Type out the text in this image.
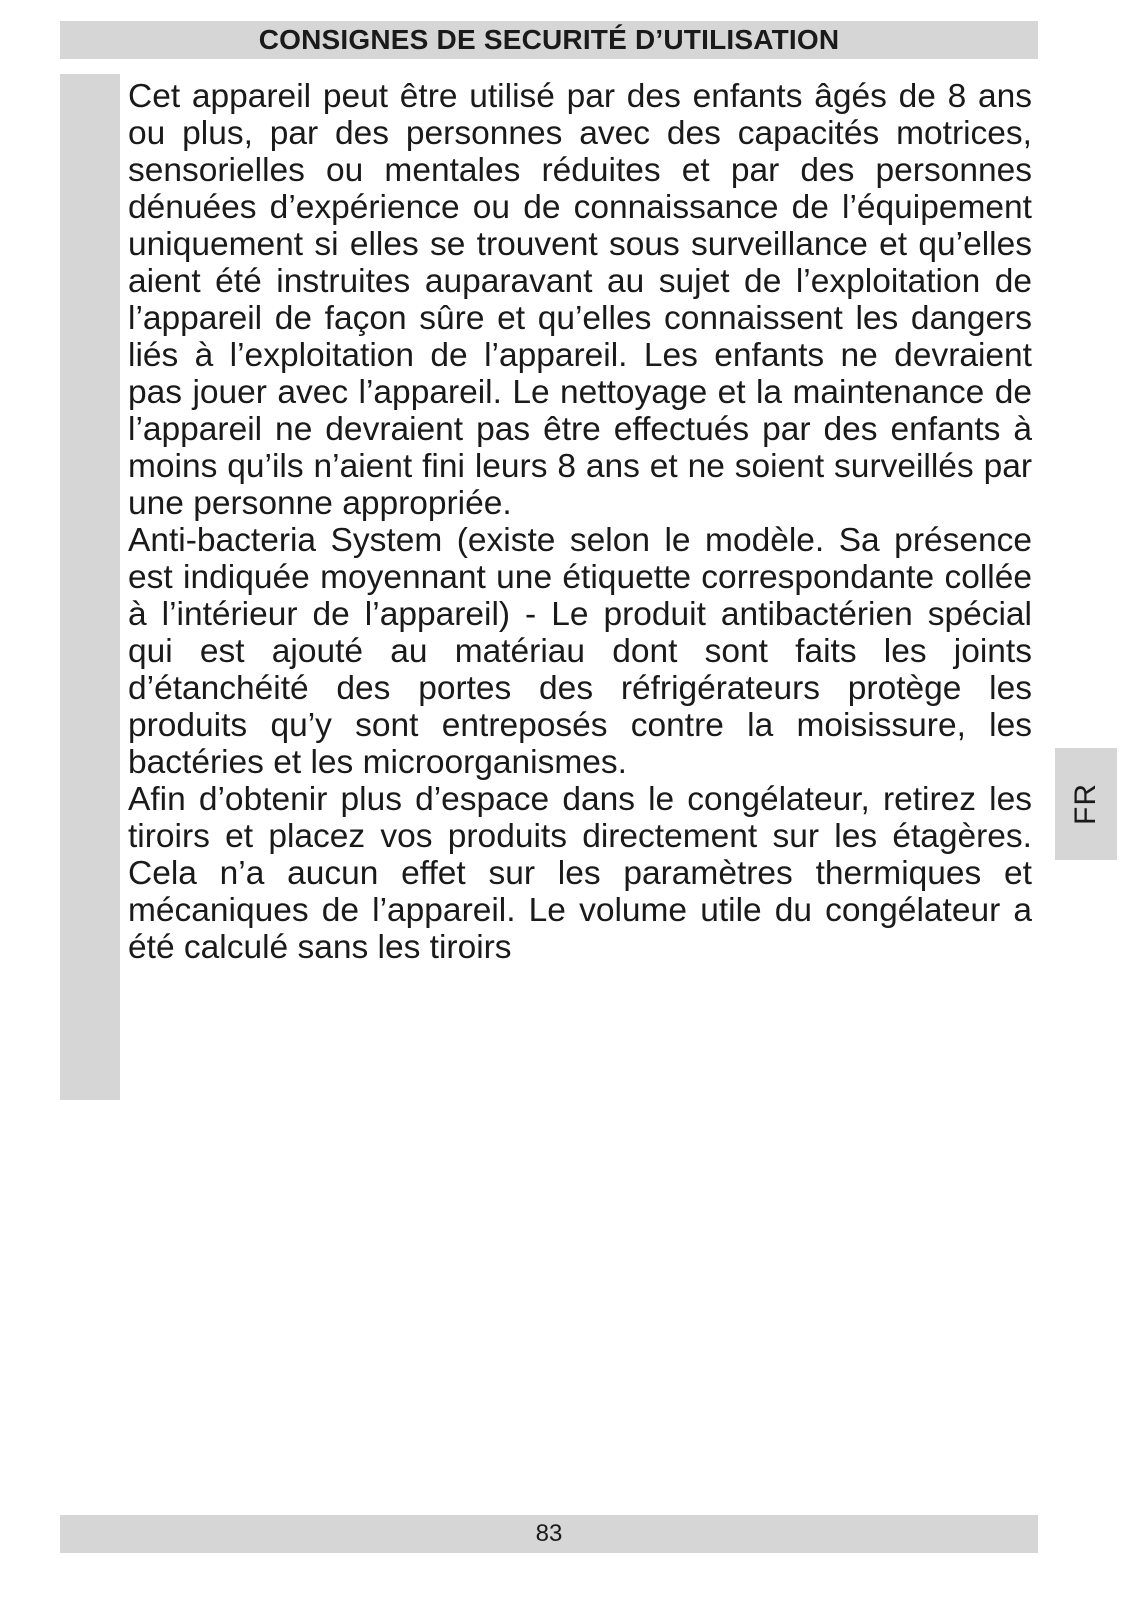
CONSIGNES DE SECURITÉ D’UTILISATION

Cet appareil peut être utilisé par des enfants âgés de 8 ans ou plus, par des personnes avec des capacités motrices, sensorielles ou mentales réduites et par des personnes dénuées d’expérience ou de connaissance de l’équipement uniquement si elles se trouvent sous surveillance et qu’elles aient été instruites auparavant au sujet de l’exploitation de l’appareil de façon sûre et qu’elles connaissent les dangers liés à l’exploitation de l’appareil. Les enfants ne devraient pas jouer avec l’appareil. Le nettoyage et la maintenance de l’appareil ne devraient pas être effectués par des enfants à moins qu’ils n’aient fini leurs 8 ans et ne soient surveillés par une personne appropriée.

Anti-bacteria System (existe selon le modèle. Sa présence est indiquée moyennant une étiquette correspondante collée à l’intérieur de l’appareil) - Le produit antibactérien spécial qui est ajouté au matériau dont sont faits les joints d’étanchéité des portes des réfrigérateurs protège les produits qu’y sont entreposés contre la moisissure, les bactéries et les microorganismes.

Afin d’obtenir plus d’espace dans le congélateur, retirez les tiroirs et placez vos produits directement sur les étagères. Cela n’a aucun effet sur les paramètres thermiques et mécaniques de l’appareil. Le volume utile du congélateur a été calculé sans les tiroirs

FR
83
